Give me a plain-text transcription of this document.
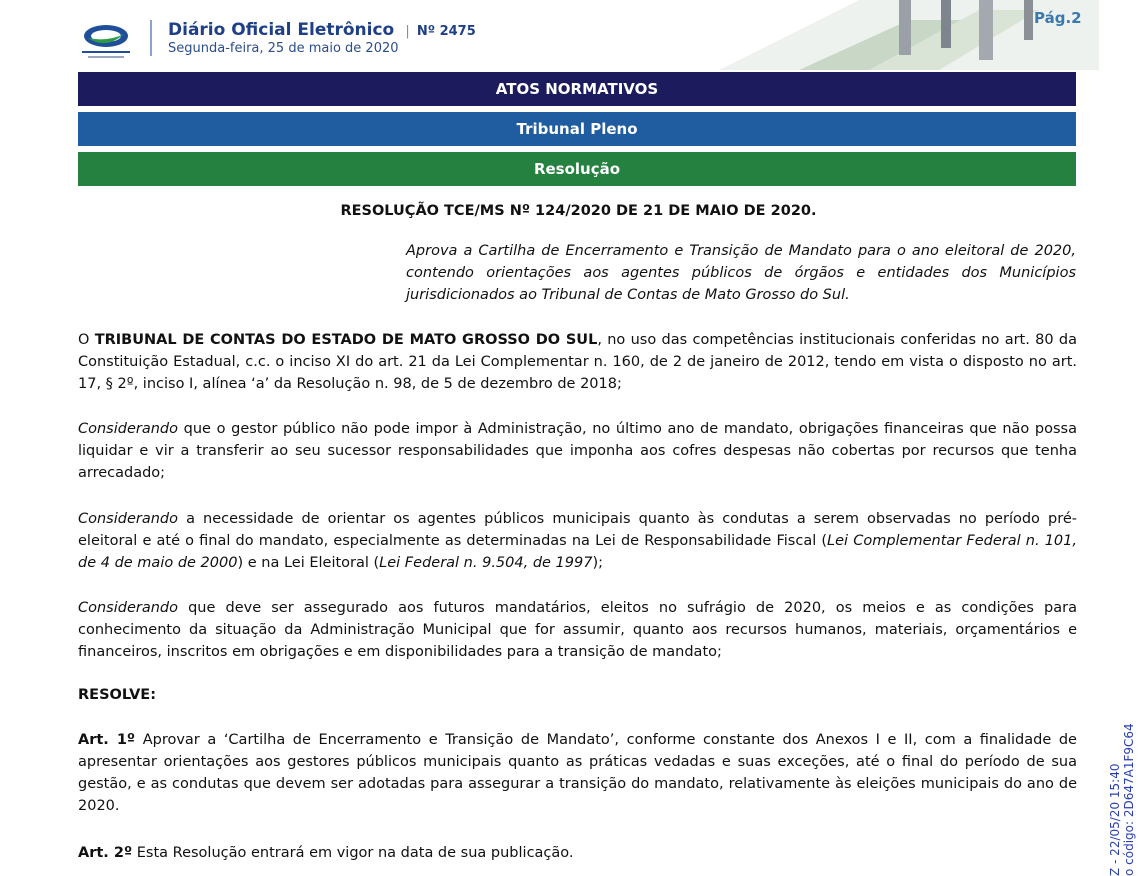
Diário Oficial Eletrônico | Nº 2475
Segunda-feira, 25 de maio de 2020
Pág.2
ATOS NORMATIVOS
Tribunal Pleno
Resolução
RESOLUÇÃO TCE/MS Nº 124/2020 DE 21 DE MAIO DE 2020.
Aprova a Cartilha de Encerramento e Transição de Mandato para o ano eleitoral de 2020, contendo orientações aos agentes públicos de órgãos e entidades dos Municípios jurisdicionados ao Tribunal de Contas de Mato Grosso do Sul.

O TRIBUNAL DE CONTAS DO ESTADO DE MATO GROSSO DO SUL, no uso das competências institucionais conferidas no art. 80 da Constituição Estadual, c.c. o inciso XI do art. 21 da Lei Complementar n. 160, de 2 de janeiro de 2012, tendo em vista o disposto no art. 17, § 2º, inciso I, alínea ‘a’ da Resolução n. 98, de 5 de dezembro de 2018;

Considerando que o gestor público não pode impor à Administração, no último ano de mandato, obrigações financeiras que não possa liquidar e vir a transferir ao seu sucessor responsabilidades que imponha aos cofres despesas não cobertas por recursos que tenha arrecadado;

Considerando a necessidade de orientar os agentes públicos municipais quanto às condutas a serem observadas no período pré-eleitoral e até o final do mandato, especialmente as determinadas na Lei de Responsabilidade Fiscal (Lei Complementar Federal n. 101, de 4 de maio de 2000) e na Lei Eleitoral (Lei Federal n. 9.504, de 1997);

Considerando que deve ser assegurado aos futuros mandatários, eleitos no sufrágio de 2020, os meios e as condições para conhecimento da situação da Administração Municipal que for assumir, quanto aos recursos humanos, materiais, orçamentários e financeiros, inscritos em obrigações e em disponibilidades para a transição de mandato;

RESOLVE:

Art. 1º Aprovar a ‘Cartilha de Encerramento e Transição de Mandato’, conforme constante dos Anexos I e II, com a finalidade de apresentar orientações aos gestores públicos municipais quanto as práticas vedadas e suas exceções, até o final do período de sua gestão, e as condutas que devem ser adotadas para assegurar a transição do mandato, relativamente às eleições municipais do ano de 2020.

Art. 2º Esta Resolução entrará em vigor na data de sua publicação.	Z - 22/05/20 15:40 o código: 2D647A1F9C64
